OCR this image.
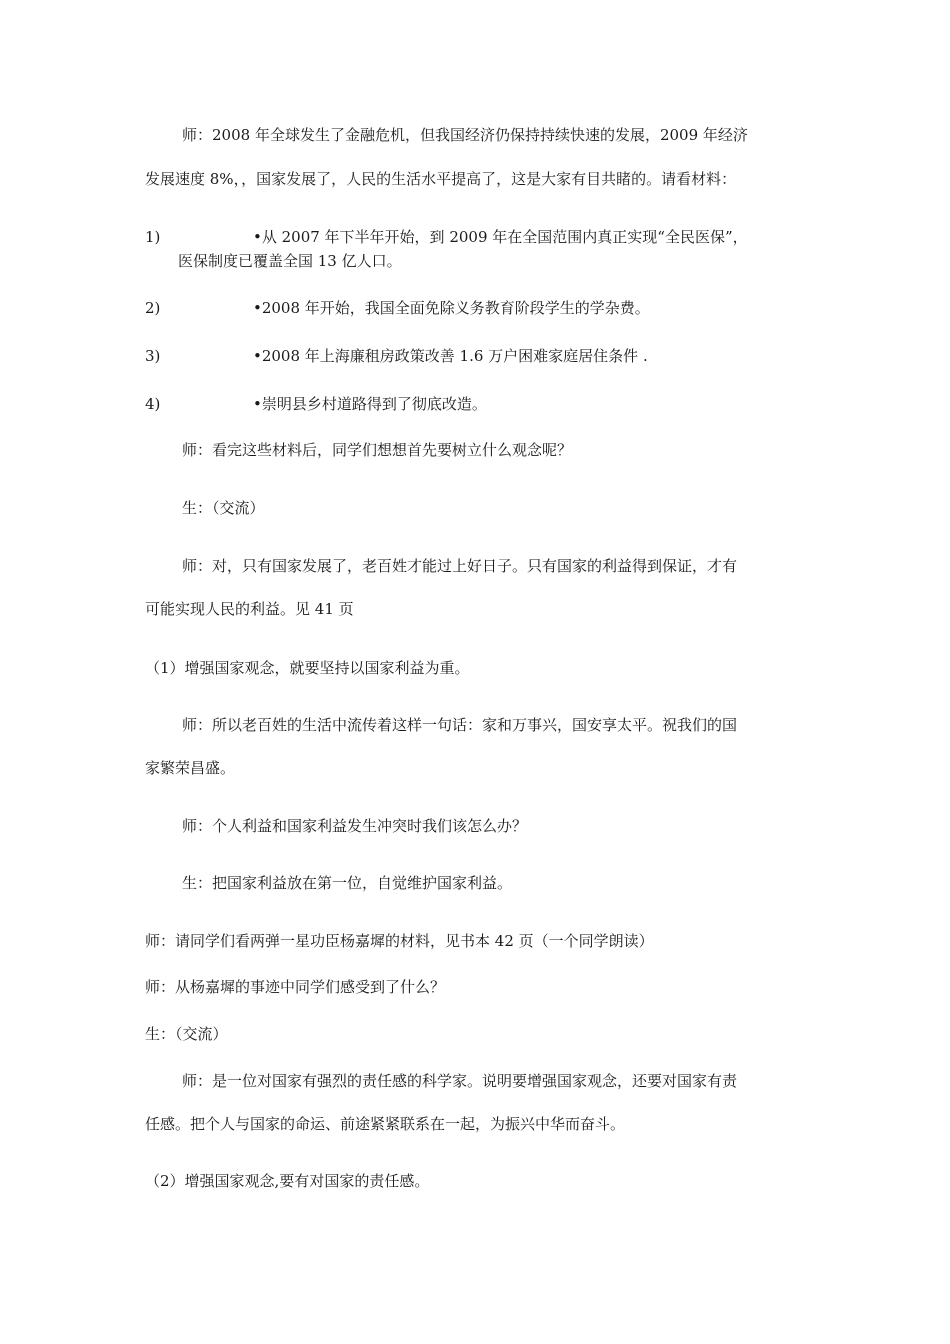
师：2008 年全球发生了金融危机，但我国经济仍保持持续快速的发展，2009 年经济
发展速度 8%，，国家发展了，人民的生活水平提高了，这是大家有目共睹的。请看材料：
1)	•从 2007 年下半年开始，到 2009 年在全国范围内真正实现“全民医保”，
医保制度已覆盖全国 13 亿人口。
2)	•2008 年开始，我国全面免除义务教育阶段学生的学杂费。
3)	•2008 年上海廉租房政策改善 1.6 万户困难家庭居住条件 .
4)	•崇明县乡村道路得到了彻底改造。
师：看完这些材料后，同学们想想首先要树立什么观念呢？
生：（交流）
师：对，只有国家发展了，老百姓才能过上好日子。只有国家的利益得到保证，才有
可能实现人民的利益。见 41 页
（1）增强国家观念，就要坚持以国家利益为重。
师：所以老百姓的生活中流传着这样一句话：家和万事兴，国安享太平。祝我们的国
家繁荣昌盛。
师：个人利益和国家利益发生冲突时我们该怎么办？
生：把国家利益放在第一位，自觉维护国家利益。
师：请同学们看两弹一星功臣杨嘉墀的材料，见书本 42 页（一个同学朗读）
师：从杨嘉墀的事迹中同学们感受到了什么？
生：（交流）
师：是一位对国家有强烈的责任感的科学家。说明要增强国家观念，还要对国家有责
任感。把个人与国家的命运、前途紧紧联系在一起，为振兴中华而奋斗。
（2）增强国家观念,要有对国家的责任感。
